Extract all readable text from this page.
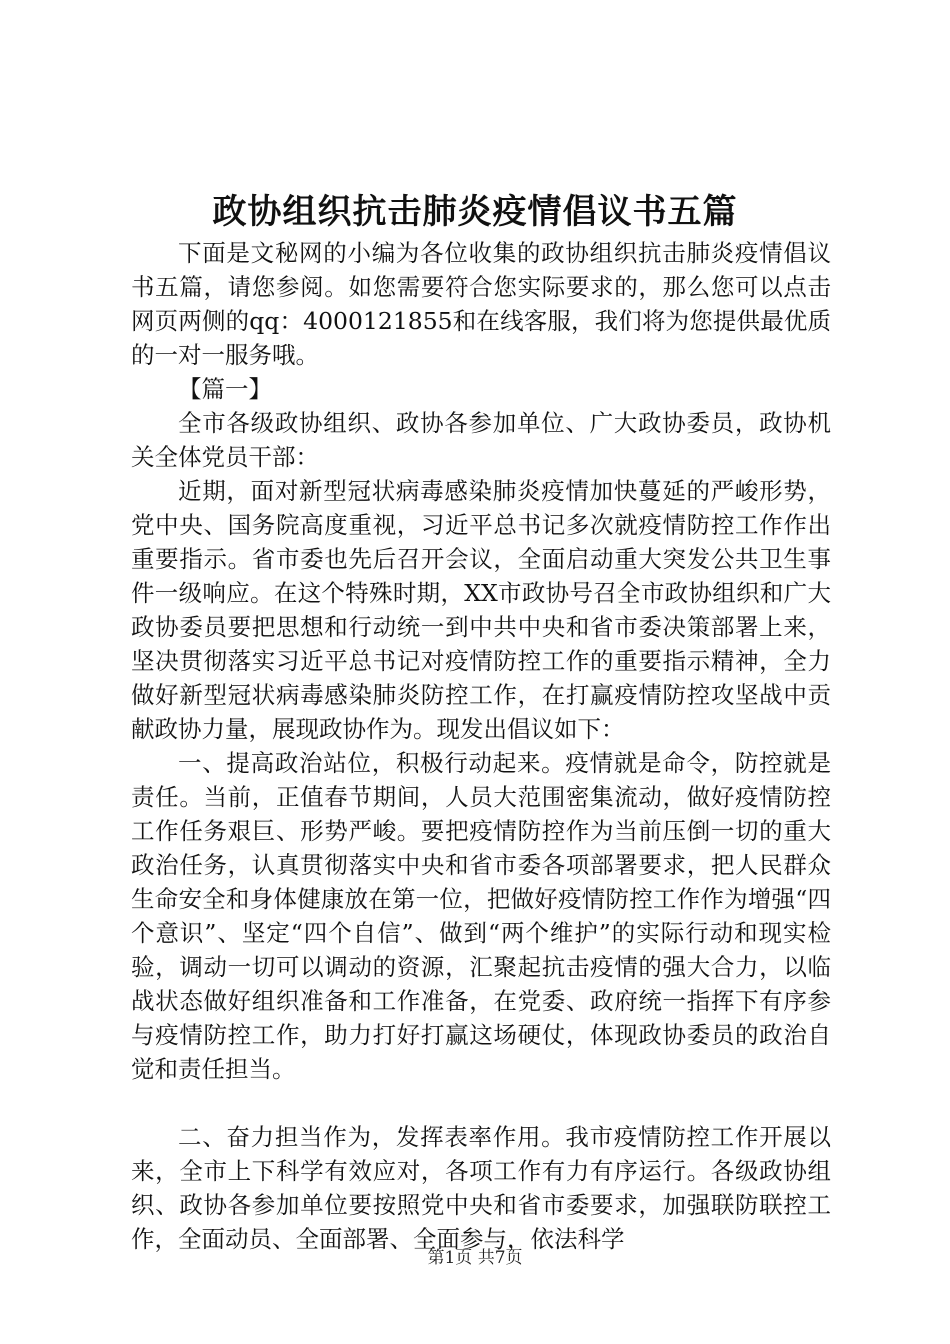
政协组织抗击肺炎疫情倡议书五篇

下面是文秘网的小编为各位收集的政协组织抗击肺炎疫情倡议书五篇，请您参阅。如您需要符合您实际要求的，那么您可以点击网页两侧的qq：4000121855和在线客服，我们将为您提供最优质的一对一服务哦。

【篇一】

全市各级政协组织、政协各参加单位、广大政协委员，政协机关全体党员干部：

近期，面对新型冠状病毒感染肺炎疫情加快蔓延的严峻形势，党中央、国务院高度重视，习近平总书记多次就疫情防控工作作出重要指示。省市委也先后召开会议，全面启动重大突发公共卫生事件一级响应。在这个特殊时期，XX市政协号召全市政协组织和广大政协委员要把思想和行动统一到中共中央和省市委决策部署上来，坚决贯彻落实习近平总书记对疫情防控工作的重要指示精神，全力做好新型冠状病毒感染肺炎防控工作，在打赢疫情防控攻坚战中贡献政协力量，展现政协作为。现发出倡议如下：

一、提高政治站位，积极行动起来。疫情就是命令，防控就是责任。当前，正值春节期间，人员大范围密集流动，做好疫情防控工作任务艰巨、形势严峻。要把疫情防控作为当前压倒一切的重大政治任务，认真贯彻落实中央和省市委各项部署要求，把人民群众生命安全和身体健康放在第一位，把做好疫情防控工作作为增强“四个意识”、坚定“四个自信”、做到“两个维护”的实际行动和现实检验，调动一切可以调动的资源，汇聚起抗击疫情的强大合力，以临战状态做好组织准备和工作准备，在党委、政府统一指挥下有序参与疫情防控工作，助力打好打赢这场硬仗，体现政协委员的政治自觉和责任担当。

二、奋力担当作为，发挥表率作用。我市疫情防控工作开展以来，全市上下科学有效应对，各项工作有力有序运行。各级政协组织、政协各参加单位要按照党中央和省市委要求，加强联防联控工作，全面动员、全面部署、全面参与，依法科学

第1页 共7页
